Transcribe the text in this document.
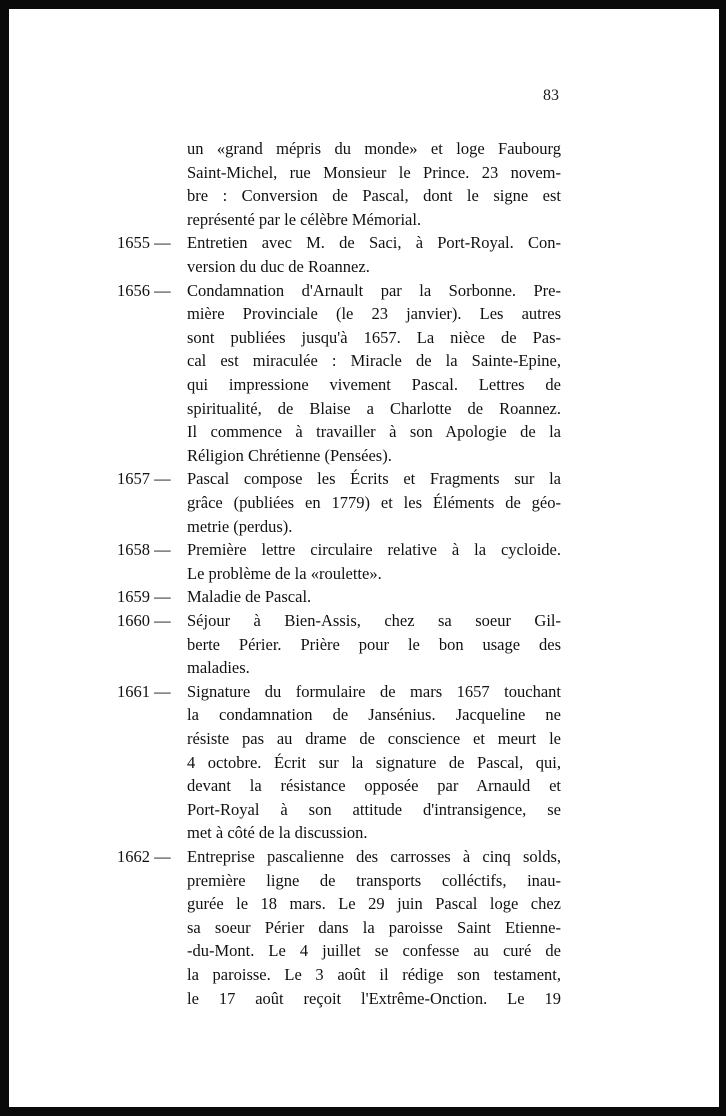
83
un «grand mépris du monde» et loge Faubourg
Saint-Michel, rue Monsieur le Prince. 23 novem-
bre : Conversion de Pascal, dont le signe est
représenté par le célèbre Mémorial.
1655 — Entretien avec M. de Saci, à Port-Royal. Con-
version du duc de Roannez.
1656 — Condamnation d'Arnault par la Sorbonne. Pre-
mière Provinciale (le 23 janvier). Les autres
sont publiées jusqu'à 1657. La nièce de Pas-
cal est miraculée : Miracle de la Sainte-Epine,
qui impressione vivement Pascal. Lettres de
spiritualité, de Blaise a Charlotte de Roannez.
Il commence à travailler à son Apologie de la
Réligion Chrétienne (Pensées).
1657 — Pascal compose les Écrits et Fragments sur la
grâce (publiées en 1779) et les Éléments de géo-
metrie (perdus).
1658 — Première lettre circulaire relative à la cycloide.
Le problème de la «roulette».
1659 — Maladie de Pascal.
1660 — Séjour à Bien-Assis, chez sa soeur Gil-
berte Périer. Prière pour le bon usage des
maladies.
1661 — Signature du formulaire de mars 1657 touchant
la condamnation de Jansénius. Jacqueline ne
résiste pas au drame de conscience et meurt le
4 octobre. Écrit sur la signature de Pascal, qui,
devant la résistance opposée par Arnauld et
Port-Royal à son attitude d'intransigence, se
met à côté de la discussion.
1662 — Entreprise pascalienne des carrosses à cinq solds,
première ligne de transports colléctifs, inau-
gurée le 18 mars. Le 29 juin Pascal loge chez
sa soeur Périer dans la paroisse Saint Etienne-
-du-Mont. Le 4 juillet se confesse au curé de
la paroisse. Le 3 août il rédige son testament,
le 17 août reçoit l'Extrême-Onction. Le 19
